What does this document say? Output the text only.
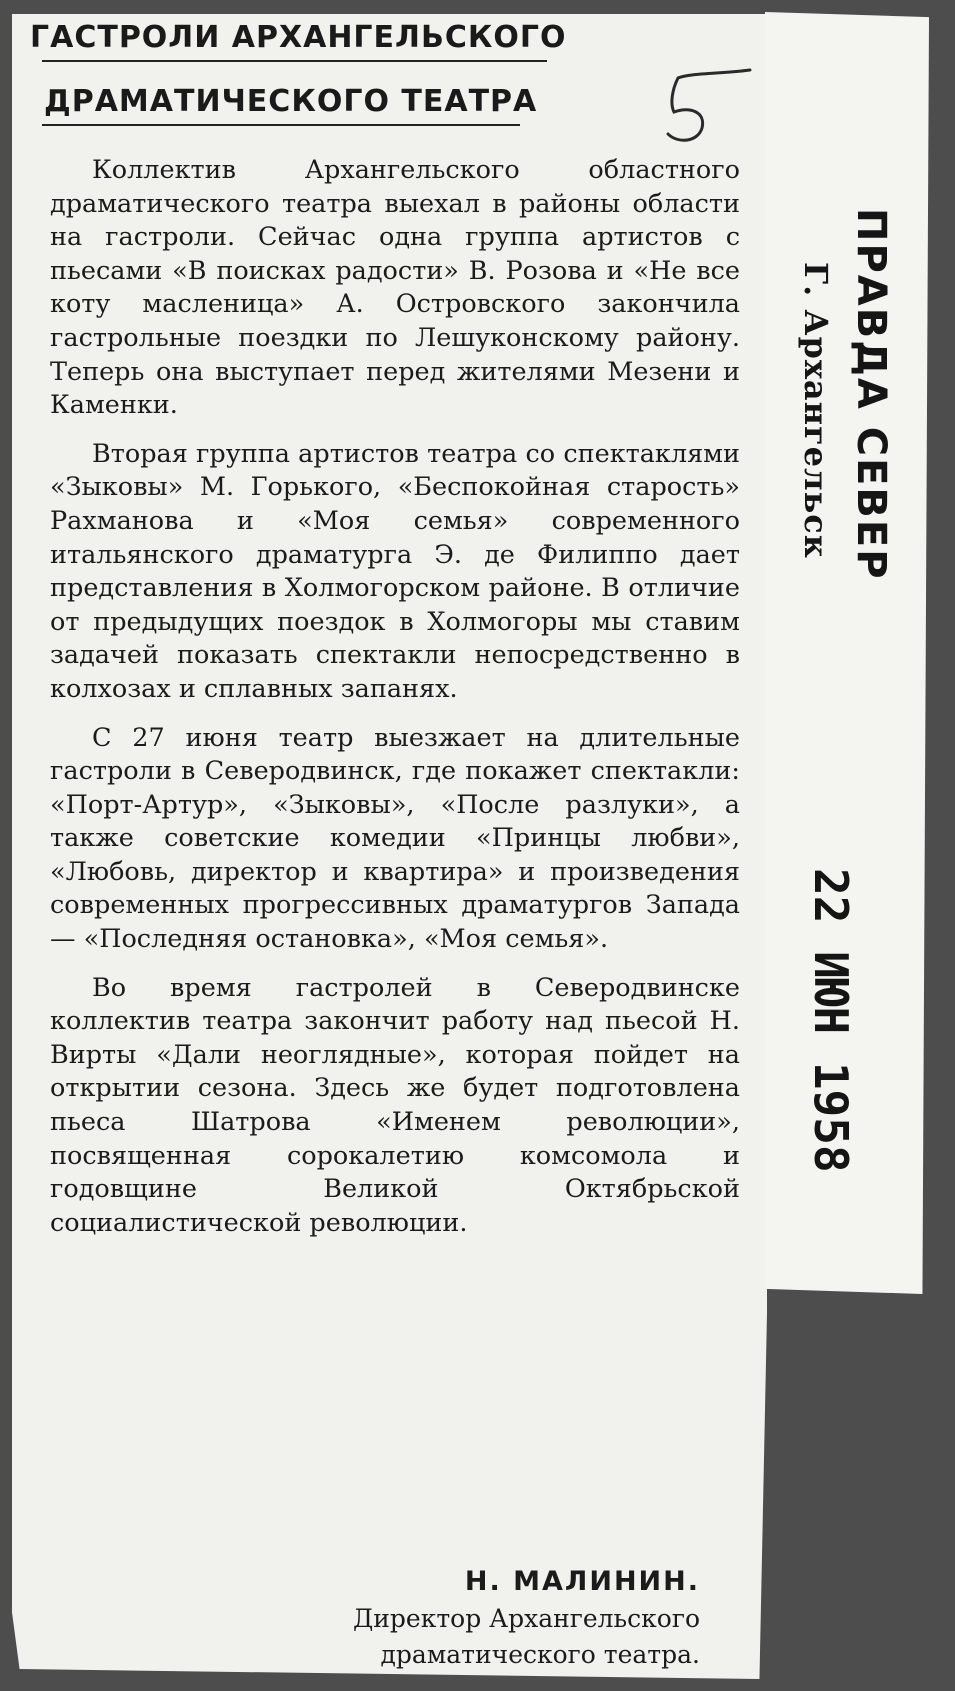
ГАСТРОЛИ АРХАНГЕЛЬСКОГО
ДРАМАТИЧЕСКОГО ТЕАТРА

Коллектив Архангельского областного драматического театра выехал в районы области на гастроли. Сейчас одна группа артистов с пьесами «В поисках радости» В. Розова и «Не все коту масленица» А. Островского закончила гастрольные поездки по Лешуконскому району. Теперь она выступает перед жителями Мезени и Каменки.

Вторая группа артистов театра со спектаклями «Зыковы» М. Горького, «Беспокойная старость» Рахманова и «Моя семья» современного итальянского драматурга Э. де Филиппо дает представления в Холмогорском районе. В отличие от предыдущих поездок в Холмогоры мы ставим задачей показать спектакли непосредственно в колхозах и сплавных запанях.

С 27 июня театр выезжает на длительные гастроли в Северодвинск, где покажет спектакли: «Порт-Артур», «Зыковы», «После разлуки», а также советские комедии «Принцы любви», «Любовь, директор и квартира» и произведения современных прогрессивных драматургов Запада — «Последняя остановка», «Моя семья».

Во время гастролей в Северодвинске коллектив театра закончит работу над пьесой Н. Вирты «Дали неоглядные», которая пойдет на открытии сезона. Здесь же будет подготовлена пьеса Шатрова «Именем революции», посвященная сорокалетию комсомола и годовщине Великой Октябрьской социалистической революции.

Н. МАЛИНИН.
Директор Архангельского
драматического театра.
ПРАВДА СЕВЕР
Г. Архангельск
22 ИЮН 1958
